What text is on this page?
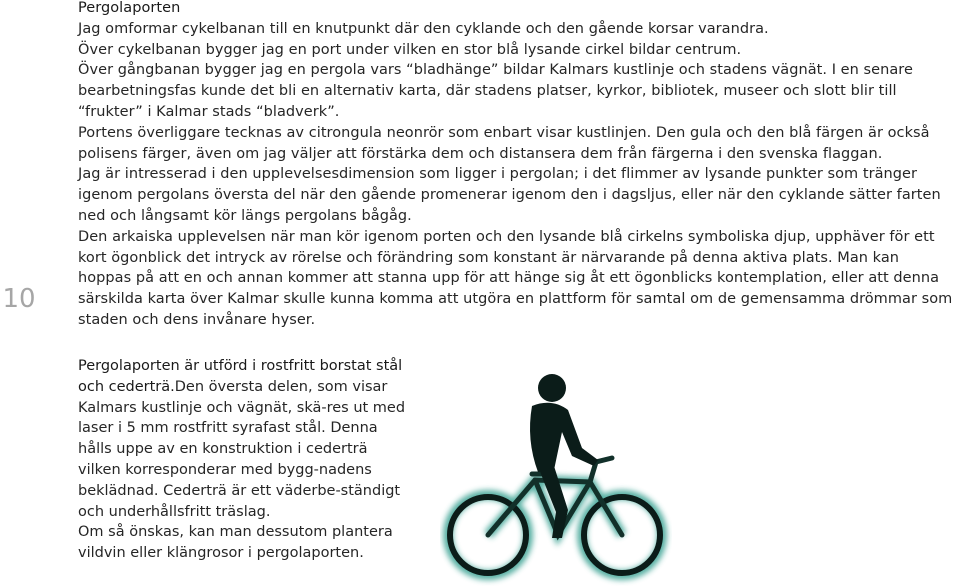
10

Pergolaporten

Jag omformar cykelbanan till en knutpunkt där den cyklande och den gående korsar varandra.

Över cykelbanan bygger jag en port under vilken en stor blå lysande cirkel bildar centrum.

Över gångbanan bygger jag en pergola vars “bladhänge” bildar Kalmars kustlinje och stadens vägnät. I en senare bearbetningsfas kunde det bli en alternativ karta, där stadens platser, kyrkor, bibliotek, museer och slott blir till “frukter” i Kalmar stads “bladverk”.

Portens överliggare tecknas av citrongula neonrör som enbart visar kustlinjen. Den gula och den blå färgen är också polisens färger, även om jag väljer att förstärka dem och distansera dem från färgerna i den svenska flaggan.

Jag är intresserad i den upplevelsesdimension som ligger i pergolan; i det flimmer av lysande punkter som tränger igenom pergolans översta del när den gående promenerar igenom den i dagsljus, eller när den cyklande sätter farten ned och långsamt kör längs pergolans bågåg.

Den arkaiska upplevelsen när man kör igenom porten och den lysande blå cirkelns symboliska djup, upphäver för ett kort ögonblick det intryck av rörelse och förändring som konstant är närvarande på denna aktiva plats. Man kan hoppas på att en och annan kommer att stanna upp för att hänge sig åt ett ögonblicks kontemplation, eller att denna särskilda karta över Kalmar skulle kunna komma att utgöra en plattform för samtal om de gemensamma drömmar som staden och dens invånare hyser.

Pergolaporten är utförd i rostfritt borstat stål och cederträ.Den översta delen, som visar Kalmars kustlinje och vägnät, skä-res ut med laser i 5 mm rostfritt syrafast stål. Denna hålls uppe av en konstruktion i cederträ vilken korresponderar med bygg-nadens beklädnad. Cederträ är ett väderbe-ständigt och underhållsfritt träslag.

Om så önskas, kan man dessutom plantera vildvin eller klängrosor i pergolaporten.
